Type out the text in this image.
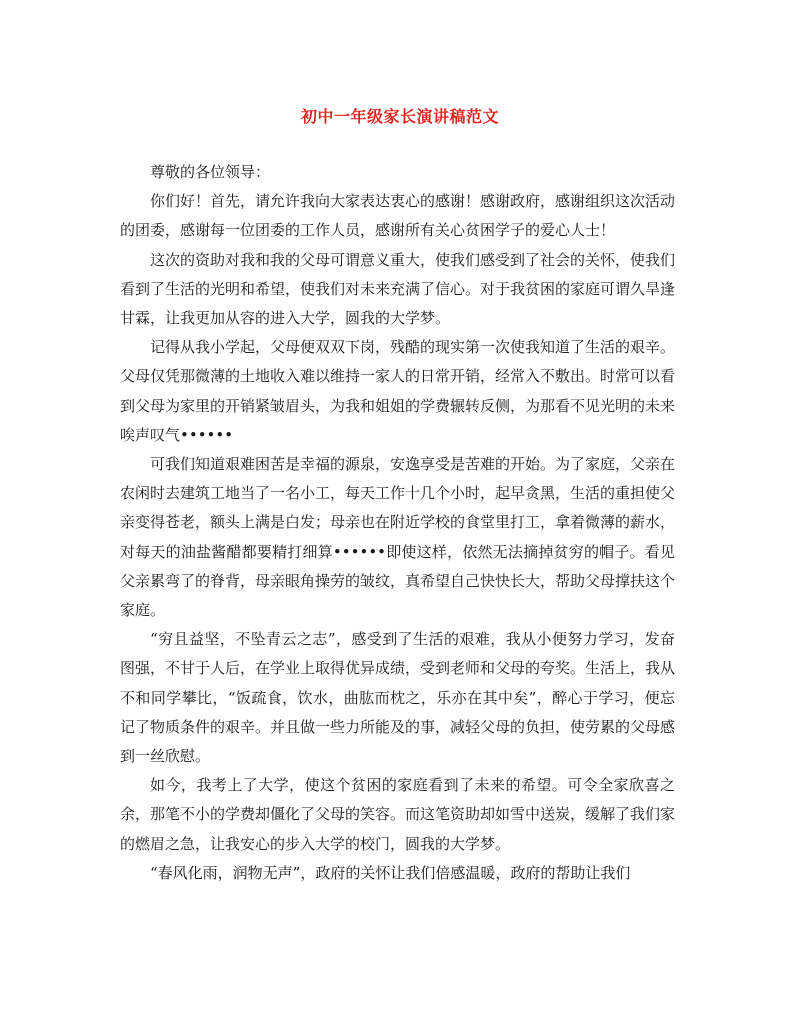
初中一年级家长演讲稿范文

尊敬的各位领导：

你们好！首先，请允许我向大家表达衷心的感谢！感谢政府，感谢组织这次活动的团委，感谢每一位团委的工作人员，感谢所有关心贫困学子的爱心人士！

这次的资助对我和我的父母可谓意义重大，使我们感受到了社会的关怀，使我们看到了生活的光明和希望，使我们对未来充满了信心。对于我贫困的家庭可谓久旱逢甘霖，让我更加从容的进入大学，圆我的大学梦。

记得从我小学起，父母便双双下岗，残酷的现实第一次使我知道了生活的艰辛。父母仅凭那微薄的土地收入难以维持一家人的日常开销，经常入不敷出。时常可以看到父母为家里的开销紧皱眉头，为我和姐姐的学费辗转反侧，为那看不见光明的未来唉声叹气••••••

可我们知道艰难困苦是幸福的源泉，安逸享受是苦难的开始。为了家庭，父亲在农闲时去建筑工地当了一名小工，每天工作十几个小时，起早贪黑，生活的重担使父亲变得苍老，额头上满是白发；母亲也在附近学校的食堂里打工，拿着微薄的薪水，对每天的油盐酱醋都要精打细算••••••即使这样，依然无法摘掉贫穷的帽子。看见父亲累弯了的脊背，母亲眼角操劳的皱纹，真希望自己快快长大，帮助父母撑扶这个家庭。

“穷且益坚，不坠青云之志”，感受到了生活的艰难，我从小便努力学习，发奋图强，不甘于人后，在学业上取得优异成绩，受到老师和父母的夸奖。生活上，我从不和同学攀比，“饭疏食，饮水，曲肱而枕之，乐亦在其中矣”，醉心于学习，便忘记了物质条件的艰辛。并且做一些力所能及的事，减轻父母的负担，使劳累的父母感到一丝欣慰。

如今，我考上了大学，使这个贫困的家庭看到了未来的希望。可令全家欣喜之余，那笔不小的学费却僵化了父母的笑容。而这笔资助却如雪中送炭，缓解了我们家的燃眉之急，让我安心的步入大学的校门，圆我的大学梦。

“春风化雨，润物无声”，政府的关怀让我们倍感温暖，政府的帮助让我们
